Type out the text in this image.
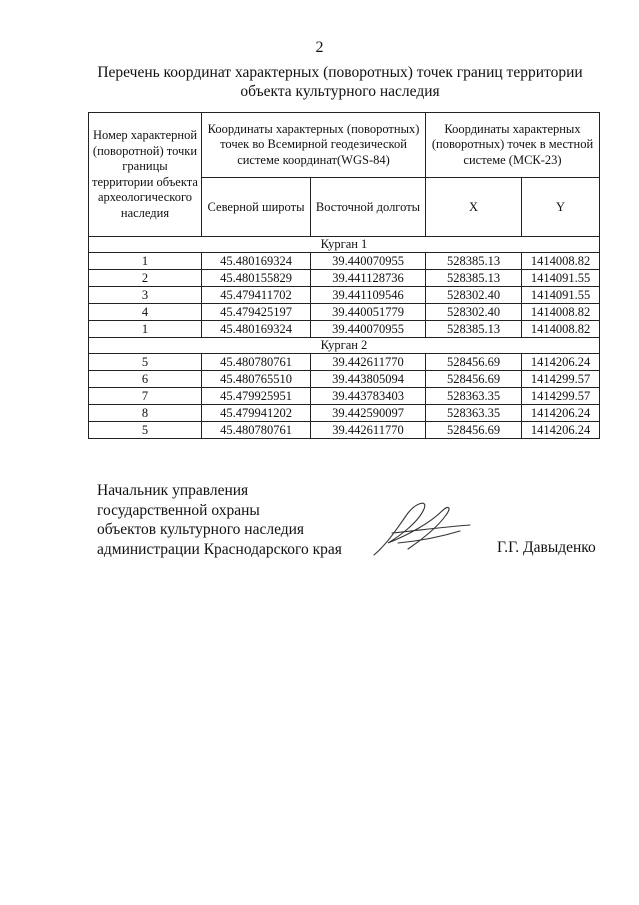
2
Перечень координат характерных (поворотных) точек границ территории
объекта культурного наследия
Номер характерной (поворотной) точки границы территории объекта археологического наследия	Координаты характерных (поворотных) точек во Всемирной геодезической системе координат(WGS-84)		Координаты характерных (поворотных) точек в местной системе (МСК-23)	
	Северной широты	Восточной долготы	X	Y
Курган 1				
1	45.480169324	39.440070955	528385.13	1414008.82
2	45.480155829	39.441128736	528385.13	1414091.55
3	45.479411702	39.441109546	528302.40	1414091.55
4	45.479425197	39.440051779	528302.40	1414008.82
1	45.480169324	39.440070955	528385.13	1414008.82
Курган 2				
5	45.480780761	39.442611770	528456.69	1414206.24
6	45.480765510	39.443805094	528456.69	1414299.57
7	45.479925951	39.443783403	528363.35	1414299.57
8	45.479941202	39.442590097	528363.35	1414206.24
5	45.480780761	39.442611770	528456.69	1414206.24
Начальник управления
государственной охраны
объектов культурного наследия
администрации Краснодарского края	Г.Г. Давыденко
